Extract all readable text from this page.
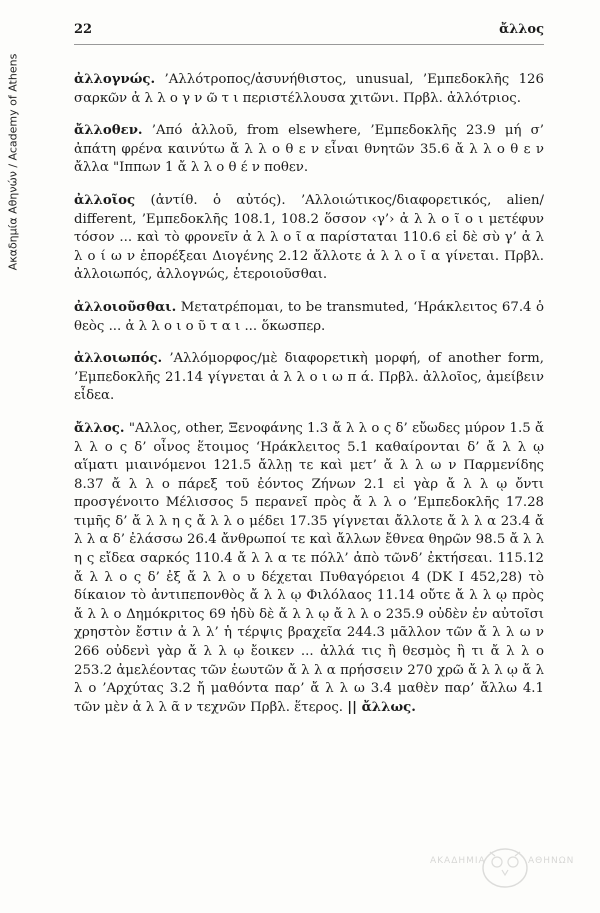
Ακαδημία Αθηνών / Academy of Athens
22	ἄλλος

ἀλλογνώς. ’Αλλότροπος/ἀσυνήθιστος, unusual, ’Εμπεδοκλῆς 126 σαρκῶν ἀ λ λ ο γ ν ῶ τ ι περιστέλλουσα χιτῶνι. Πρβλ. ἀλλότριος.

ἄλλοθεν. ’Από ἀλλοῦ, from elsewhere, ’Εμπεδοκλῆς 23.9 μή σ’ ἀπάτη φρένα καινύτω ἄ λ λ ο θ ε ν εἶναι θνητῶν 35.6 ἄ λ λ ο θ ε ν ἄλλα "Ιππων 1 ἄ λ λ ο θ έ ν ποθεν.

ἀλλοῖος (ἀντίθ. ὁ αὐτός). ’Αλλοιώτικος/διαφορετικός, alien/ different, ’Εμπεδοκλῆς 108.1, 108.2 ὅσσον ‹γ’› ἀ λ λ ο ῖ ο ι μετέφυν τόσον ... καὶ τὸ φρονεῖν ἀ λ λ ο ῖ α παρίσταται 110.6 εἰ δὲ σὺ γ’ ἀ λ λ ο ί ω ν ἐπορέξεαι Διογένης 2.12 ἄλλοτε ἀ λ λ ο ῖ α γίνεται. Πρβλ. ἀλλοιωπός, ἀλλογνώς, ἑτεροιοῦσθαι.

ἀλλοιοῦσθαι. Μετατρέπομαι, to be transmuted, ‘Ηράκλειτος 67.4 ὁ θεὸς ... ἀ λ λ ο ι ο ῦ τ α ι ... ὅκωσπερ.

ἀλλοιωπός. ’Αλλόμορφος/μὲ διαφορετικὴ μορφή, of another form, ’Εμπεδοκλῆς 21.14 γίγνεται ἀ λ λ ο ι ω π ά. Πρβλ. ἀλλοῖος, ἀμείβειν εἶδεα.

ἄλλος. "Αλλος, other, Ξενοφάνης 1.3 ἄ λ λ ο ς δ’ εὔωδες μύρον 1.5 ἄ λ λ ο ς δ’ οἶνος ἕτοιμος ‘Ηράκλειτος 5.1 καθαίρονται δ’ ἄ λ λ ῳ αἵματι μιαινόμενοι 121.5 ἄλλῃ τε καὶ μετ’ ἄ λ λ ω ν Παρμενίδης 8.37 ἄ λ λ ο πάρεξ τοῦ ἐόντος Ζήνων 2.1 εἰ γὰρ ἄ λ λ ῳ ὄντι προσγένοιτο Μέλισσος 5 περανεῖ πρὸς ἄ λ λ ο ’Εμπεδοκλῆς 17.28 τιμῆς δ’ ἄ λ λ η ς ἄ λ λ ο μέδει 17.35 γίγνεται ἄλλοτε ἄ λ λ α 23.4 ἄ λ λ α δ’ ἐλάσσω 26.4 ἄνθρωποί τε καὶ ἄλλων ἔθνεα θηρῶν 98.5 ἄ λ λ η ς εἴδεα σαρκός 110.4 ἄ λ λ α τε πόλλ’ ἀπὸ τῶνδ’ ἐκτήσεαι. 115.12 ἄ λ λ ο ς δ’ ἐξ ἄ λ λ ο υ δέχεται Πυθαγόρειοι 4 (DK I 452,28) τὸ δίκαιον τὸ ἀντιπεπονθὸς ἄ λ λ ῳ Φιλόλαος 11.14 οὔτε ἄ λ λ ῳ πρὸς ἄ λ λ ο Δημόκριτος 69 ἡδὺ δὲ ἄ λ λ ῳ ἄ λ λ ο 235.9 οὐδὲν ἐν αὐτοῖσι χρηστὸν ἔστιν ἀ λ λ’ ἡ τέρψις βραχεῖα 244.3 μᾶλλον τῶν ἄ λ λ ω ν 266 οὐδενὶ γὰρ ἄ λ λ ῳ ἔοικεν ... ἀλλά τις ἢ θεσμὸς ἢ τι ἄ λ λ ο 253.2 ἀμελέοντας τῶν ἑωυτῶν ἄ λ λ α πρήσσειν 270 χρῶ ἄ λ λ ῳ ἄ λ λ ο ’Αρχύτας 3.2 ἤ μαθόντα παρ’ ἄ λ λ ω 3.4 μαθὲν παρ’ ἄλλω 4.1 τῶν μὲν ἀ λ λ ᾶ ν τεχνῶν Πρβλ. ἕτερος. || ἄλλως.

ΑΚΑΔΗΜΙΑ	ΑΘΗΝΩΝ
